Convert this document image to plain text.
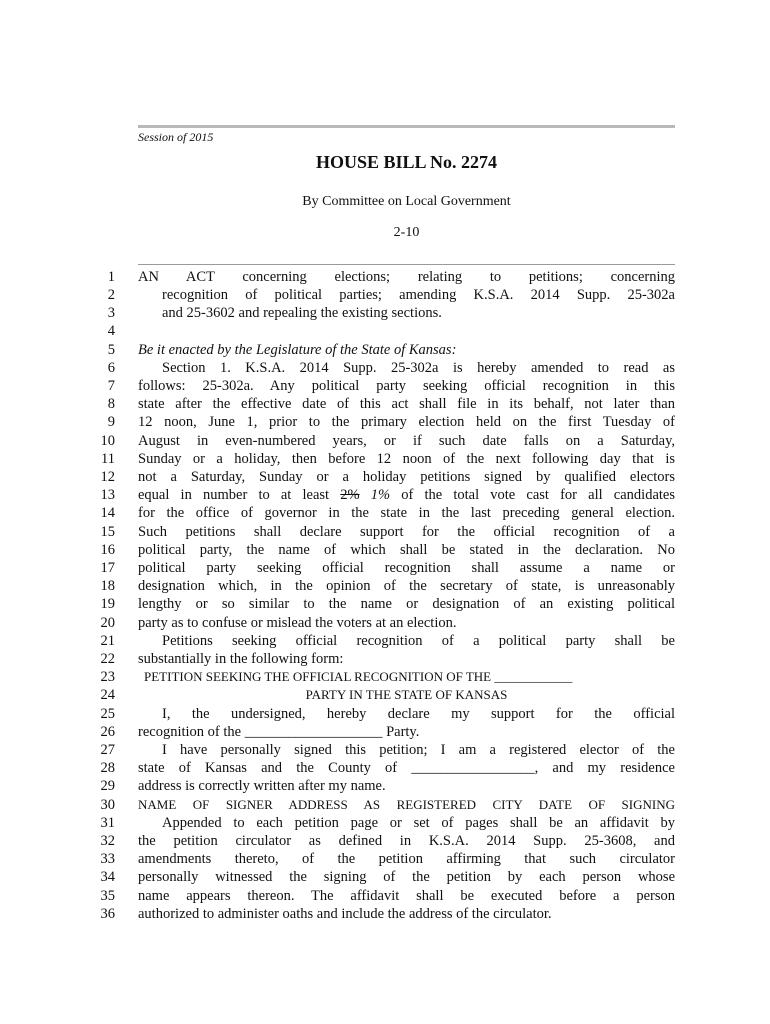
Session of 2015
HOUSE BILL No. 2274
By Committee on Local Government
2-10
1
2
3
4
5
6
7
8
9
10
11
12
13
14
15
16
17
18
19
20
21
22
23
24
25
26
27
28
29
30
31
32
33
34
35
36
AN ACT concerning elections; relating to petitions; concerning
recognition of political parties; amending K.S.A. 2014 Supp. 25-302a
and 25-3602 and repealing the existing sections.
Be it enacted by the Legislature of the State of Kansas:
Section 1. K.S.A. 2014 Supp. 25-302a is hereby amended to read as
follows: 25-302a. Any political party seeking official recognition in this
state after the effective date of this act shall file in its behalf, not later than
12 noon, June 1, prior to the primary election held on the first Tuesday of
August in even-numbered years, or if such date falls on a Saturday,
Sunday or a holiday, then before 12 noon of the next following day that is
not a Saturday, Sunday or a holiday petitions signed by qualified electors
equal in number to at least 2% 1% of the total vote cast for all candidates
for the office of governor in the state in the last preceding general election.
Such petitions shall declare support for the official recognition of a
political party, the name of which shall be stated in the declaration. No
political party seeking official recognition shall assume a name or
designation which, in the opinion of the secretary of state, is unreasonably
lengthy or so similar to the name or designation of an existing political
party as to confuse or mislead the voters at an election.
Petitions seeking official recognition of a political party shall be
substantially in the following form:
PETITION SEEKING THE OFFICIAL RECOGNITION OF THE ____________
PARTY IN THE STATE OF KANSAS
I, the undersigned, hereby declare my support for the official
recognition of the ___________________ Party.
I have personally signed this petition; I am a registered elector of the
state of Kansas and the County of _________________, and my residence
address is correctly written after my name.
NAME OF SIGNER ADDRESS AS REGISTERED CITY DATE OF SIGNING
Appended to each petition page or set of pages shall be an affidavit by
the petition circulator as defined in K.S.A. 2014 Supp. 25-3608, and
amendments thereto, of the petition affirming that such circulator
personally witnessed the signing of the petition by each person whose
name appears thereon. The affidavit shall be executed before a person
authorized to administer oaths and include the address of the circulator.
